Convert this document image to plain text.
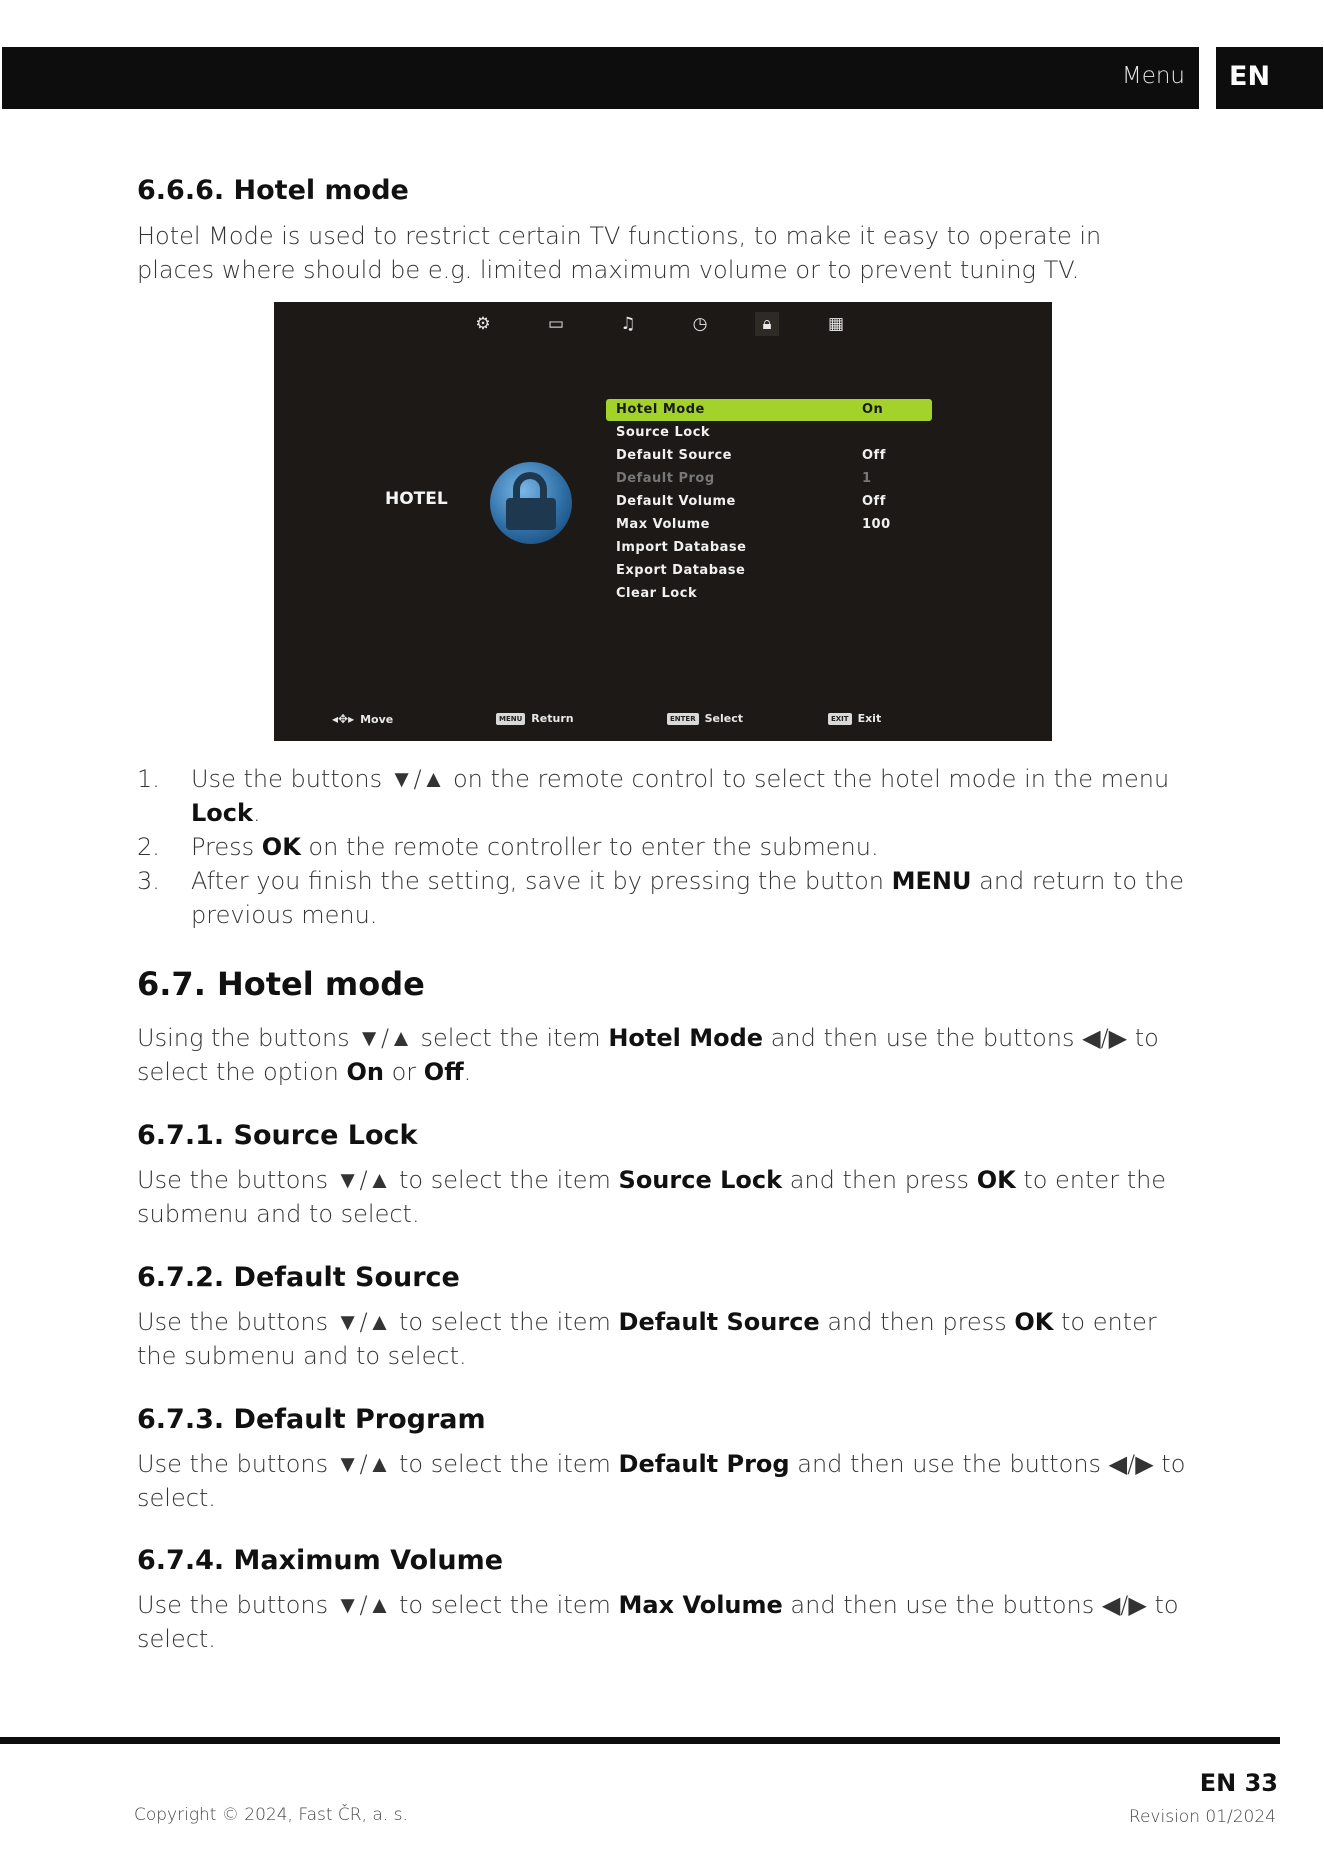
Menu EN
6.6.6. Hotel mode

Hotel Mode is used to restrict certain TV functions, to make it easy to operate in places where should be e.g. limited maximum volume or to prevent tuning TV.

⚙	▭	♫	◷	🔒︎	▦
HOTEL
Hotel Mode	On
Source Lock
Default Source	Off
Default Prog	1
Default Volume	Off
Max Volume	100
Import Database
Export Database
Clear Lock
◂✥▸ Move	MENU Return	ENTER Select	EXIT Exit
1. Use the buttons ▼/▲ on the remote control to select the hotel mode in the menu Lock.
2. Press OK on the remote controller to enter the submenu.
3. After you finish the setting, save it by pressing the button MENU and return to the previous menu.
6.7. Hotel mode

Using the buttons ▼/▲ select the item Hotel Mode and then use the buttons ◀/▶ to select the option On or Off.

6.7.1. Source Lock

Use the buttons ▼/▲ to select the item Source Lock and then press OK to enter the submenu and to select.

6.7.2. Default Source

Use the buttons ▼/▲ to select the item Default Source and then press OK to enter the submenu and to select.

6.7.3. Default Program

Use the buttons ▼/▲ to select the item Default Prog and then use the buttons ◀/▶ to select.

6.7.4. Maximum Volume

Use the buttons ▼/▲ to select the item Max Volume and then use the buttons ◀/▶ to select.

EN 33
Copyright © 2024, Fast ČR, a. s.	Revision 01/2024
